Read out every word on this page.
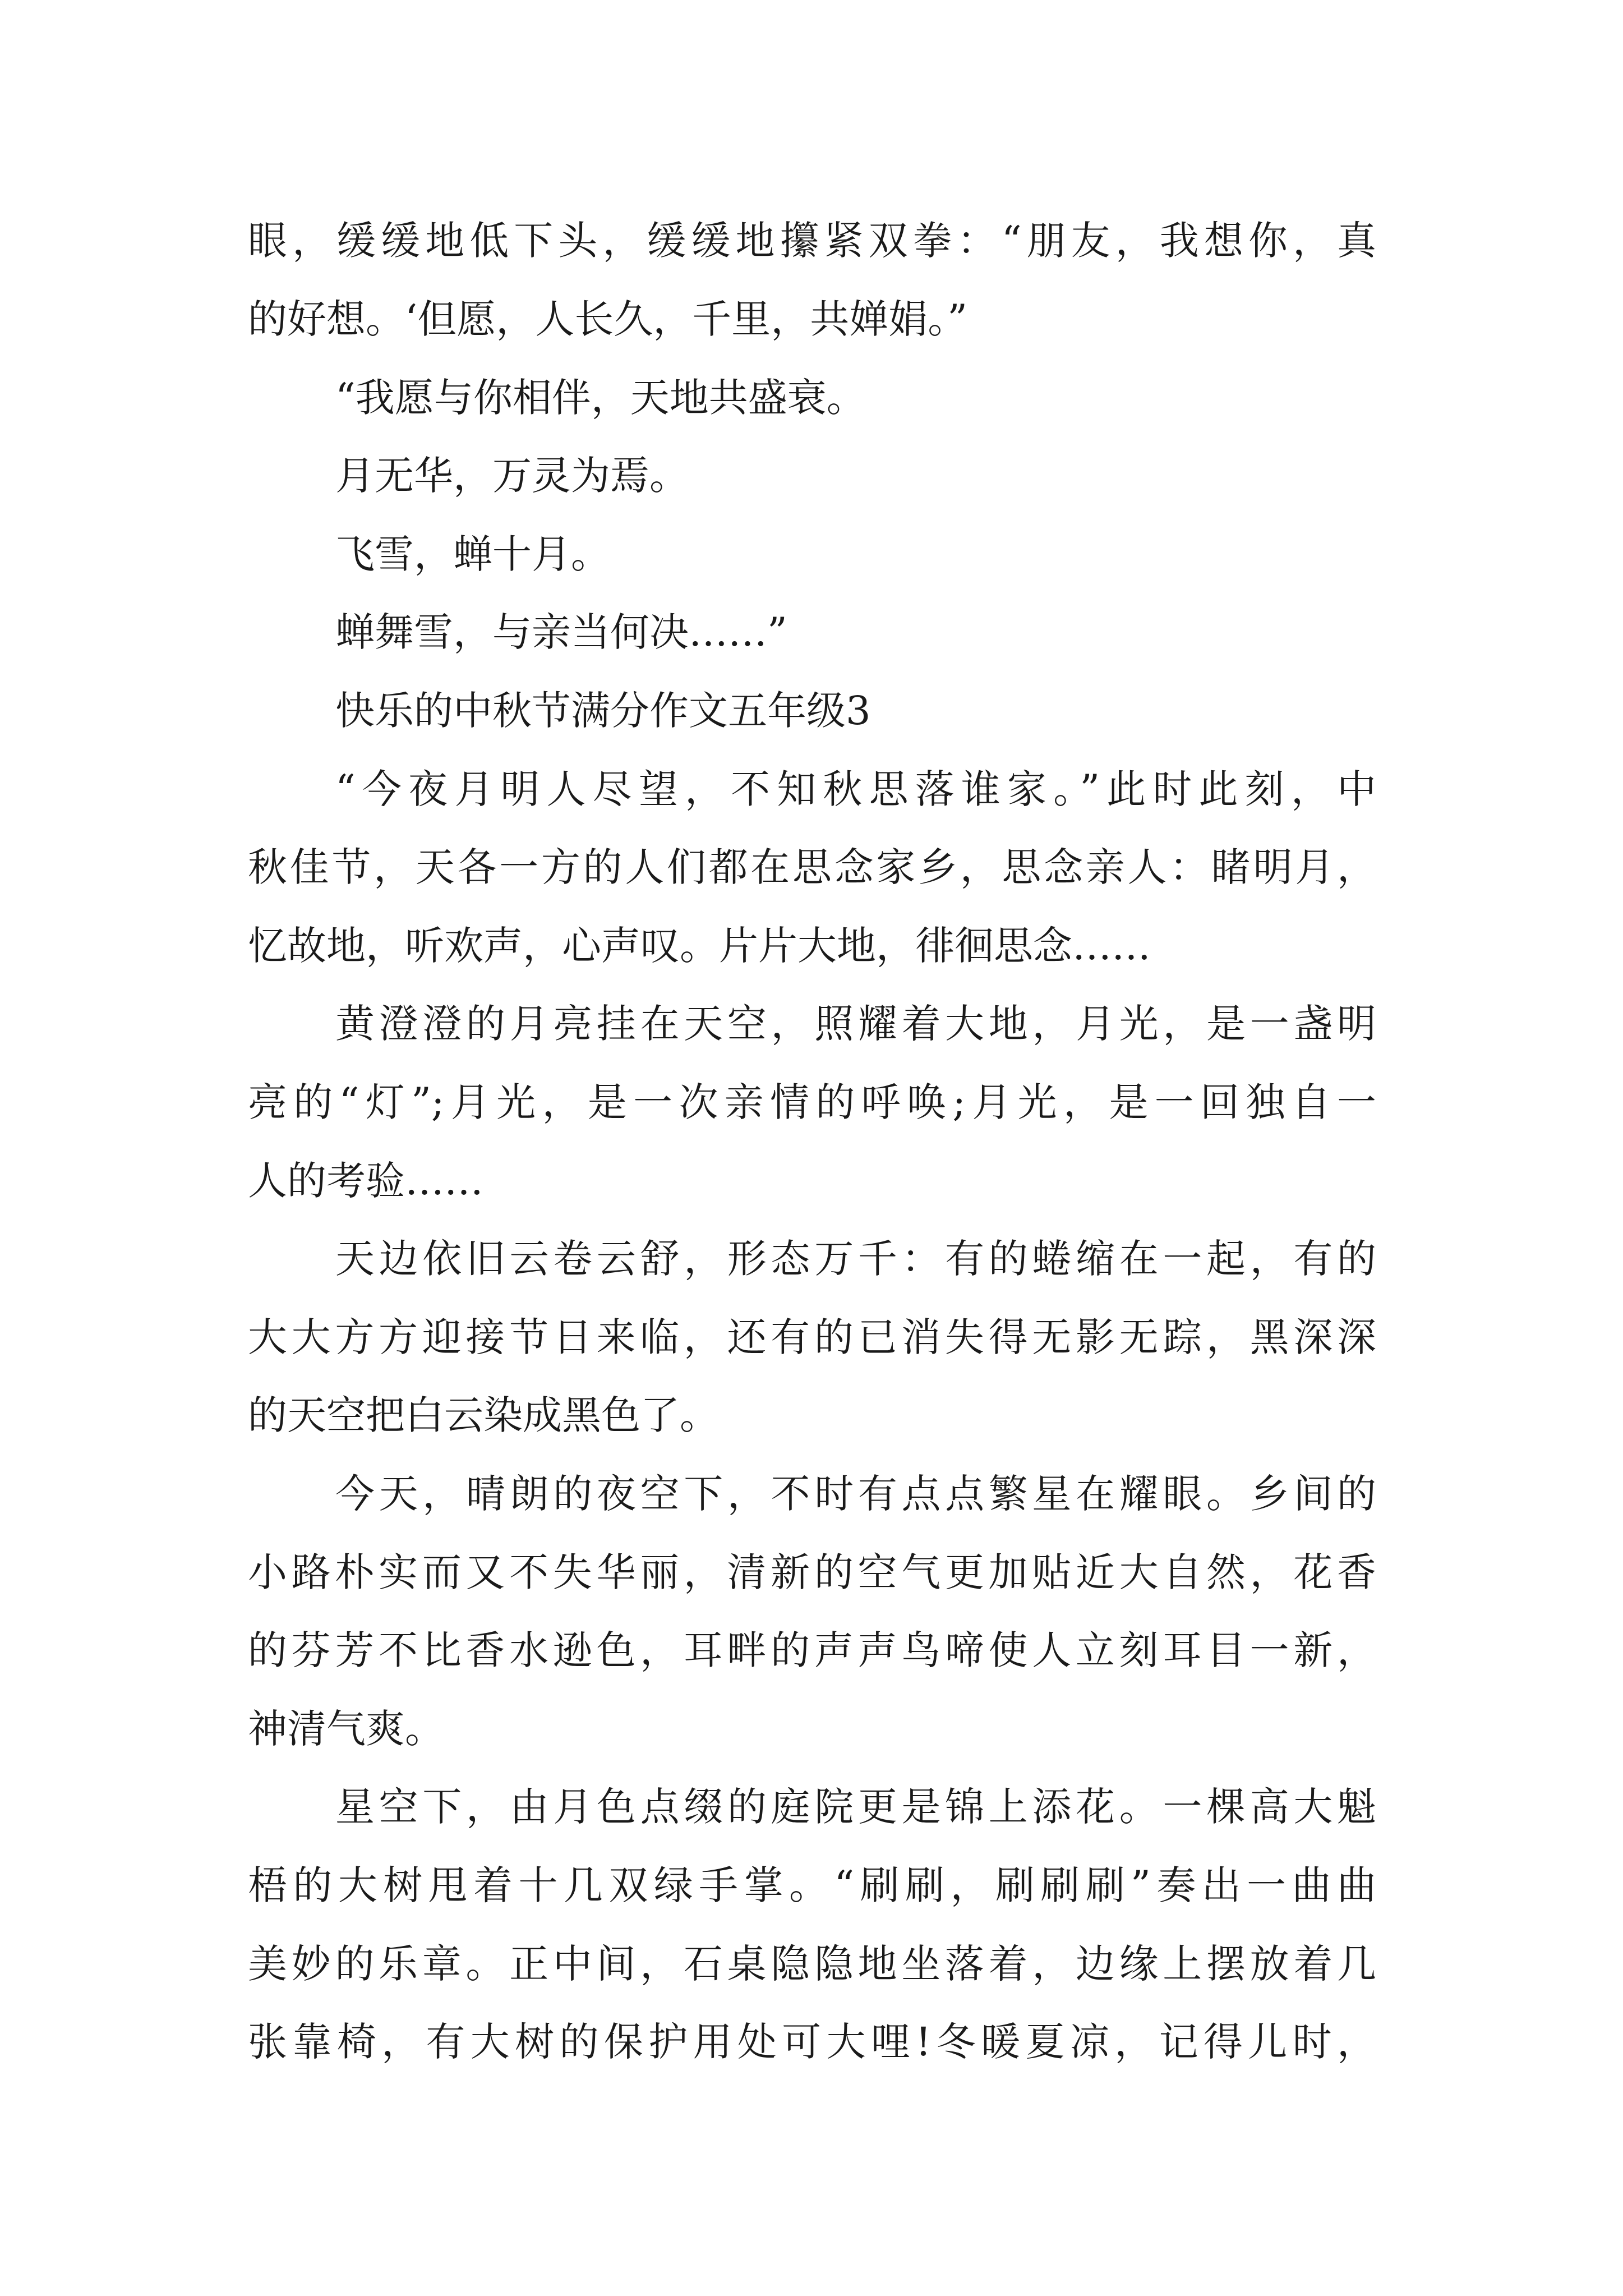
眼，缓缓地低下头，缓缓地攥紧双拳：“朋友，我想你，真

的好想。‘但愿，人长久，千里，共婵娟。”

“我愿与你相伴，天地共盛衰。

月无华，万灵为焉。

飞雪，蝉十月。

蝉舞雪，与亲当何决……”

快乐的中秋节满分作文五年级3

“今夜月明人尽望，不知秋思落谁家。”此时此刻，中

秋佳节，天各一方的人们都在思念家乡，思念亲人：睹明月，

忆故地，听欢声，心声叹。片片大地，徘徊思念……

黄澄澄的月亮挂在天空，照耀着大地，月光，是一盏明

亮的“灯”;月光，是一次亲情的呼唤;月光，是一回独自一

人的考验……

天边依旧云卷云舒，形态万千：有的蜷缩在一起，有的

大大方方迎接节日来临，还有的已消失得无影无踪，黑深深

的天空把白云染成黑色了。

今天，晴朗的夜空下，不时有点点繁星在耀眼。乡间的

小路朴实而又不失华丽，清新的空气更加贴近大自然，花香

的芬芳不比香水逊色，耳畔的声声鸟啼使人立刻耳目一新，

神清气爽。

星空下，由月色点缀的庭院更是锦上添花。一棵高大魁

梧的大树甩着十几双绿手掌。“刷刷，刷刷刷”奏出一曲曲

美妙的乐章。正中间，石桌隐隐地坐落着，边缘上摆放着几

张靠椅，有大树的保护用处可大哩!冬暖夏凉，记得儿时，
